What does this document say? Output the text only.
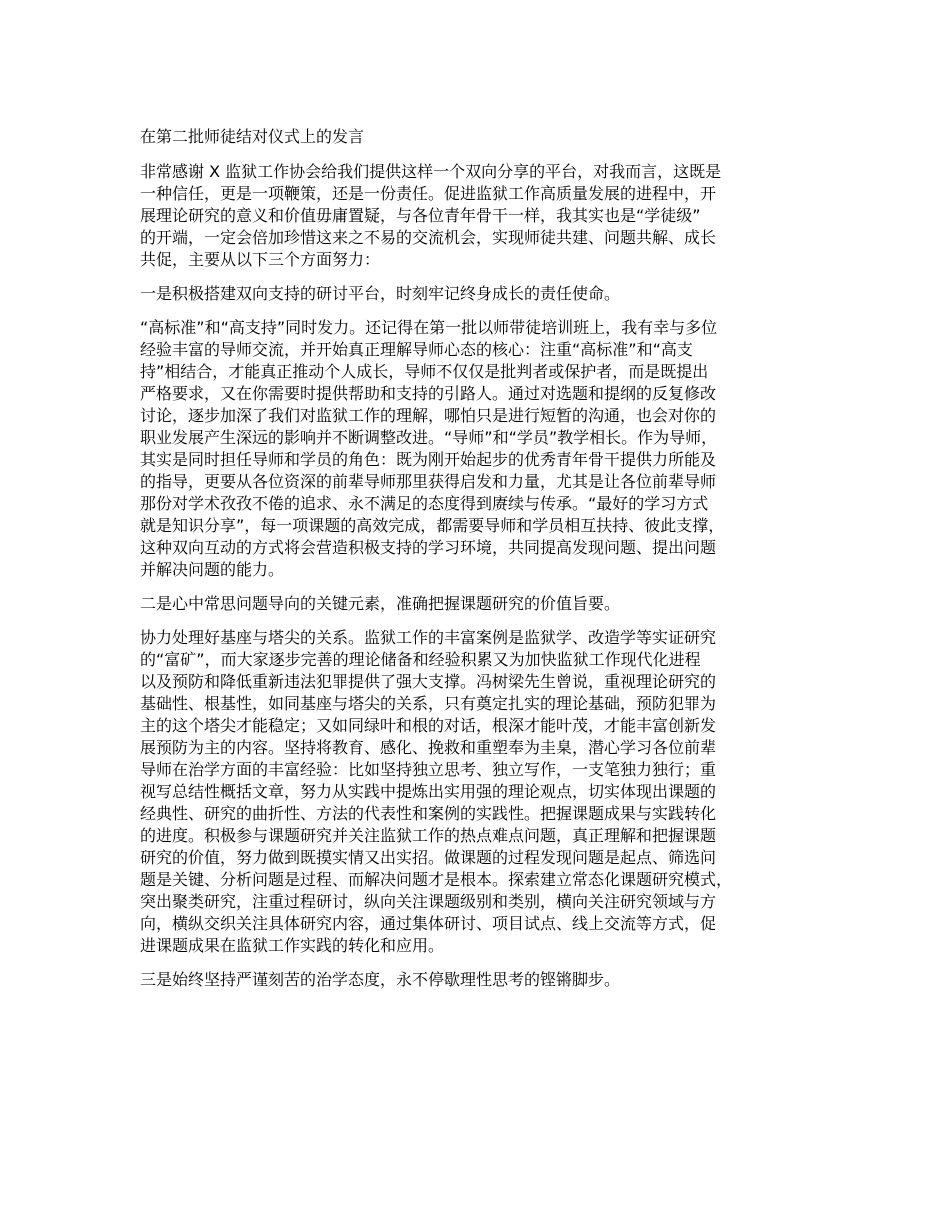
在第二批师徒结对仪式上的发言
非常感谢 X 监狱工作协会给我们提供这样一个双向分享的平台，对我而言，这既是
一种信任，更是一项鞭策，还是一份责任。促进监狱工作高质量发展的进程中，开
展理论研究的意义和价值毋庸置疑，与各位青年骨干一样，我其实也是“学徒级”
的开端，一定会倍加珍惜这来之不易的交流机会，实现师徒共建、问题共解、成长
共促，主要从以下三个方面努力：
一是积极搭建双向支持的研讨平台，时刻牢记终身成长的责任使命。
“高标准”和“高支持”同时发力。还记得在第一批以师带徒培训班上，我有幸与多位
经验丰富的导师交流，并开始真正理解导师心态的核心：注重“高标准”和“高支
持”相结合，才能真正推动个人成长，导师不仅仅是批判者或保护者，而是既提出
严格要求，又在你需要时提供帮助和支持的引路人。通过对选题和提纲的反复修改
讨论，逐步加深了我们对监狱工作的理解，哪怕只是进行短暂的沟通，也会对你的
职业发展产生深远的影响并不断调整改进。“导师”和“学员”教学相长。作为导师，
其实是同时担任导师和学员的角色：既为刚开始起步的优秀青年骨干提供力所能及
的指导，更要从各位资深的前辈导师那里获得启发和力量，尤其是让各位前辈导师
那份对学术孜孜不倦的追求、永不满足的态度得到赓续与传承。“最好的学习方式
就是知识分享”，每一项课题的高效完成，都需要导师和学员相互扶持、彼此支撑，
这种双向互动的方式将会营造积极支持的学习环境，共同提高发现问题、提出问题
并解决问题的能力。
二是心中常思问题导向的关键元素，准确把握课题研究的价值旨要。
协力处理好基座与塔尖的关系。监狱工作的丰富案例是监狱学、改造学等实证研究
的“富矿”，而大家逐步完善的理论储备和经验积累又为加快监狱工作现代化进程
以及预防和降低重新违法犯罪提供了强大支撑。冯树梁先生曾说，重视理论研究的
基础性、根基性，如同基座与塔尖的关系，只有奠定扎实的理论基础，预防犯罪为
主的这个塔尖才能稳定；又如同绿叶和根的对话，根深才能叶茂，才能丰富创新发
展预防为主的内容。坚持将教育、感化、挽救和重塑奉为圭臬，潜心学习各位前辈
导师在治学方面的丰富经验：比如坚持独立思考、独立写作，一支笔独力独行；重
视写总结性概括文章，努力从实践中提炼出实用强的理论观点，切实体现出课题的
经典性、研究的曲折性、方法的代表性和案例的实践性。把握课题成果与实践转化
的进度。积极参与课题研究并关注监狱工作的热点难点问题，真正理解和把握课题
研究的价值，努力做到既摸实情又出实招。做课题的过程发现问题是起点、筛选问
题是关键、分析问题是过程、而解决问题才是根本。探索建立常态化课题研究模式，
突出聚类研究，注重过程研讨，纵向关注课题级别和类别，横向关注研究领域与方
向，横纵交织关注具体研究内容，通过集体研讨、项目试点、线上交流等方式，促
进课题成果在监狱工作实践的转化和应用。
三是始终坚持严谨刻苦的治学态度，永不停歇理性思考的铿锵脚步。
